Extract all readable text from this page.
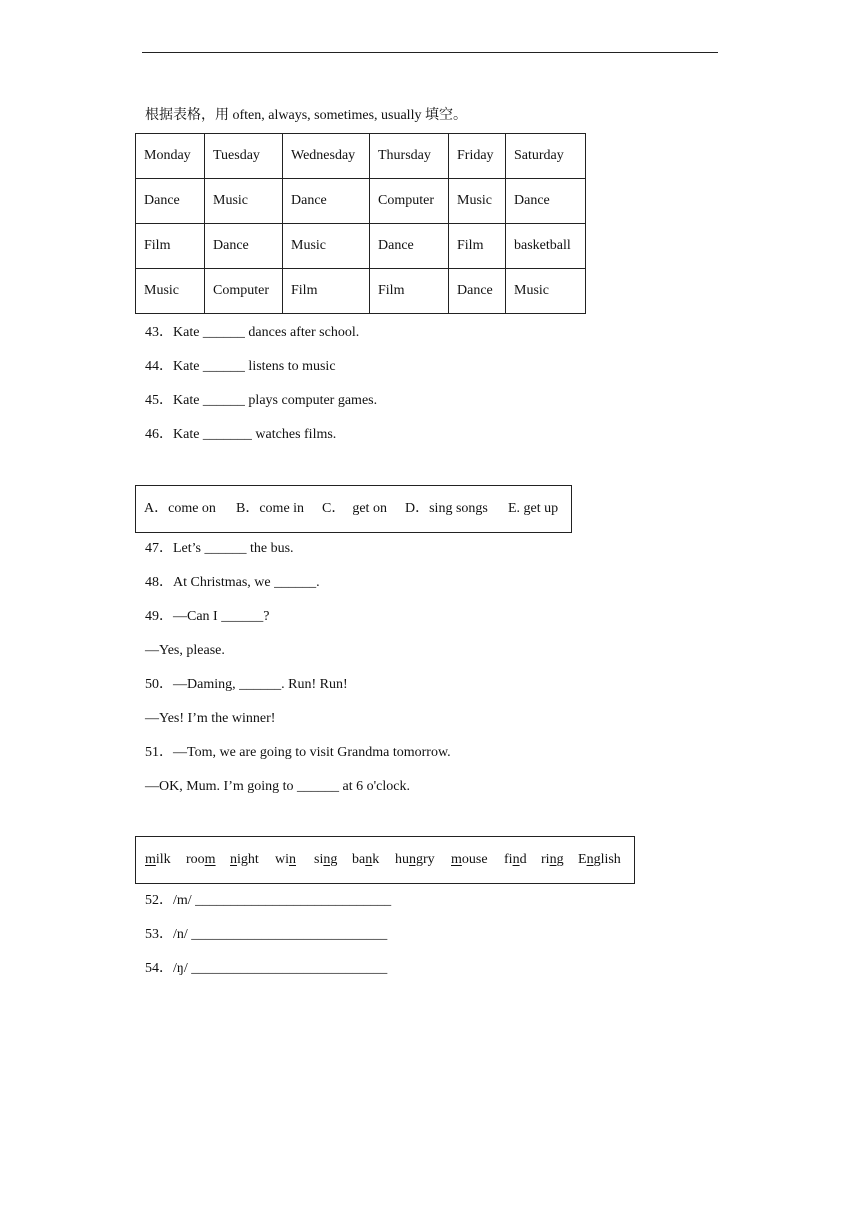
根据表格，用 often, always, sometimes, usually 填空。
Monday	Tuesday	Wednesday	Thursday	Friday	Saturday
Dance	Music	Dance	Computer	Music	Dance
Film	Dance	Music	Dance	Film	basketball
Music	Computer	Film	Film	Dance	Music
43．Kate ______ dances after school.
44．Kate ______ listens to music
45．Kate ______ plays computer games.
46．Kate _______ watches films.
A．come on B．come in C．  get on D．sing songs E. get up
47．Let’s ______ the bus.
48．At Christmas, we ______.
49．—Can I ______?
—Yes, please.
50．—Daming, ______. Run! Run!
—Yes! I’m the winner!
51．—Tom, we are going to visit Grandma tomorrow.
—OK, Mum. I’m going to ______ at 6 o'clock.
milk room night win sing bank hungry mouse find ring English
52．/m/ ____________________________
53．/n/ ____________________________
54．/ŋ/ ____________________________
